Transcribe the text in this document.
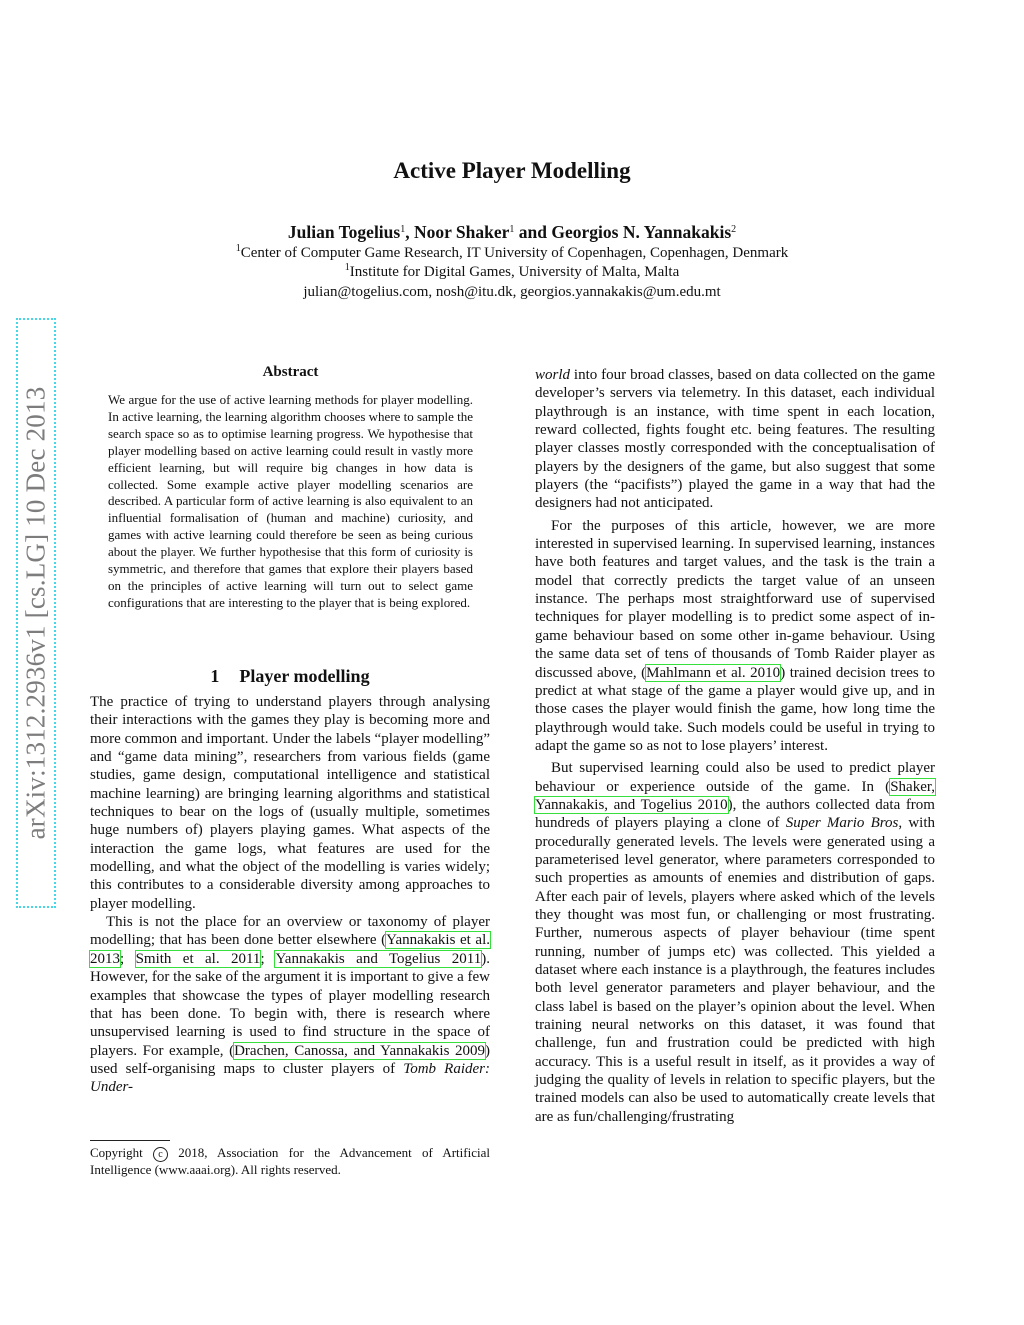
arXiv:1312.2936v1 [cs.LG] 10 Dec 2013
Active Player Modelling
Julian Togelius$^1$, Noor Shaker$^1$ and Georgios N. Yannakakis$^2$
$^1$Center of Computer Game Research, IT University of Copenhagen, Copenhagen, Denmark
$^1$Institute for Digital Games, University of Malta, Malta
julian@togelius.com, nosh@itu.dk, georgios.yannakakis@um.edu.mt
Abstract
We argue for the use of active learning methods for player modelling. In active learning, the learning algorithm chooses where to sample the search space so as to optimise learning progress. We hypothesise that player modelling based on active learning could result in vastly more efficient learning, but will require big changes in how data is collected. Some example active player modelling scenarios are described. A particular form of active learning is also equivalent to an influential formalisation of (human and machine) curiosity, and games with active learning could therefore be seen as being curious about the player. We further hypothesise that this form of curiosity is symmetric, and therefore that games that explore their players based on the principles of active learning will turn out to select game configurations that are interesting to the player that is being explored.
1 Player modelling

The practice of trying to understand players through analysing their interactions with the games they play is becoming more and more common and important. Under the labels “player modelling” and “game data mining”, researchers from various fields (game studies, game design, computational intelligence and statistical machine learning) are bringing learning algorithms and statistical techniques to bear on the logs of (usually multiple, sometimes huge numbers of) players playing games. What aspects of the interaction the game logs, what features are used for the modelling, and what the object of the modelling is varies widely; this contributes to a considerable diversity among approaches to player modelling.

This is not the place for an overview or taxonomy of player modelling; that has been done better elsewhere (Yannakakis et al. 2013; Smith et al. 2011; Yannakakis and Togelius 2011). However, for the sake of the argument it is important to give a few examples that showcase the types of player modelling research that has been done. To begin with, there is research where unsupervised learning is used to find structure in the space of players. For example, (Drachen, Canossa, and Yannakakis 2009) used self-organising maps to cluster players of Tomb Raider: Under-

Copyright c 2018, Association for the Advancement of Artificial Intelligence (www.aaai.org). All rights reserved.

world into four broad classes, based on data collected on the game developer’s servers via telemetry. In this dataset, each individual playthrough is an instance, with time spent in each location, reward collected, fights fought etc. being features. The resulting player classes mostly corresponded with the conceptualisation of players by the designers of the game, but also suggest that some players (the “pacifists”) played the game in a way that had the designers had not anticipated.

For the purposes of this article, however, we are more interested in supervised learning. In supervised learning, instances have both features and target values, and the task is the train a model that correctly predicts the target value of an unseen instance. The perhaps most straightforward use of supervised techniques for player modelling is to predict some aspect of in-game behaviour based on some other in-game behaviour. Using the same data set of tens of thousands of Tomb Raider player as discussed above, (Mahlmann et al. 2010) trained decision trees to predict at what stage of the game a player would give up, and in those cases the player would finish the game, how long time the playthrough would take. Such models could be useful in trying to adapt the game so as not to lose players’ interest.

But supervised learning could also be used to predict player behaviour or experience outside of the game. In (Shaker, Yannakakis, and Togelius 2010), the authors collected data from hundreds of players playing a clone of Super Mario Bros, with procedurally generated levels. The levels were generated using a parameterised level generator, where parameters corresponded to such properties as amounts of enemies and distribution of gaps. After each pair of levels, players where asked which of the levels they thought was most fun, or challenging or most frustrating. Further, numerous aspects of player behaviour (time spent running, number of jumps etc) was collected. This yielded a dataset where each instance is a playthrough, the features includes both level generator parameters and player behaviour, and the class label is based on the player’s opinion about the level. When training neural networks on this dataset, it was found that challenge, fun and frustration could be predicted with high accuracy. This is a useful result in itself, as it provides a way of judging the quality of levels in relation to specific players, but the trained models can also be used to automatically create levels that are as fun/challenging/frustrating
